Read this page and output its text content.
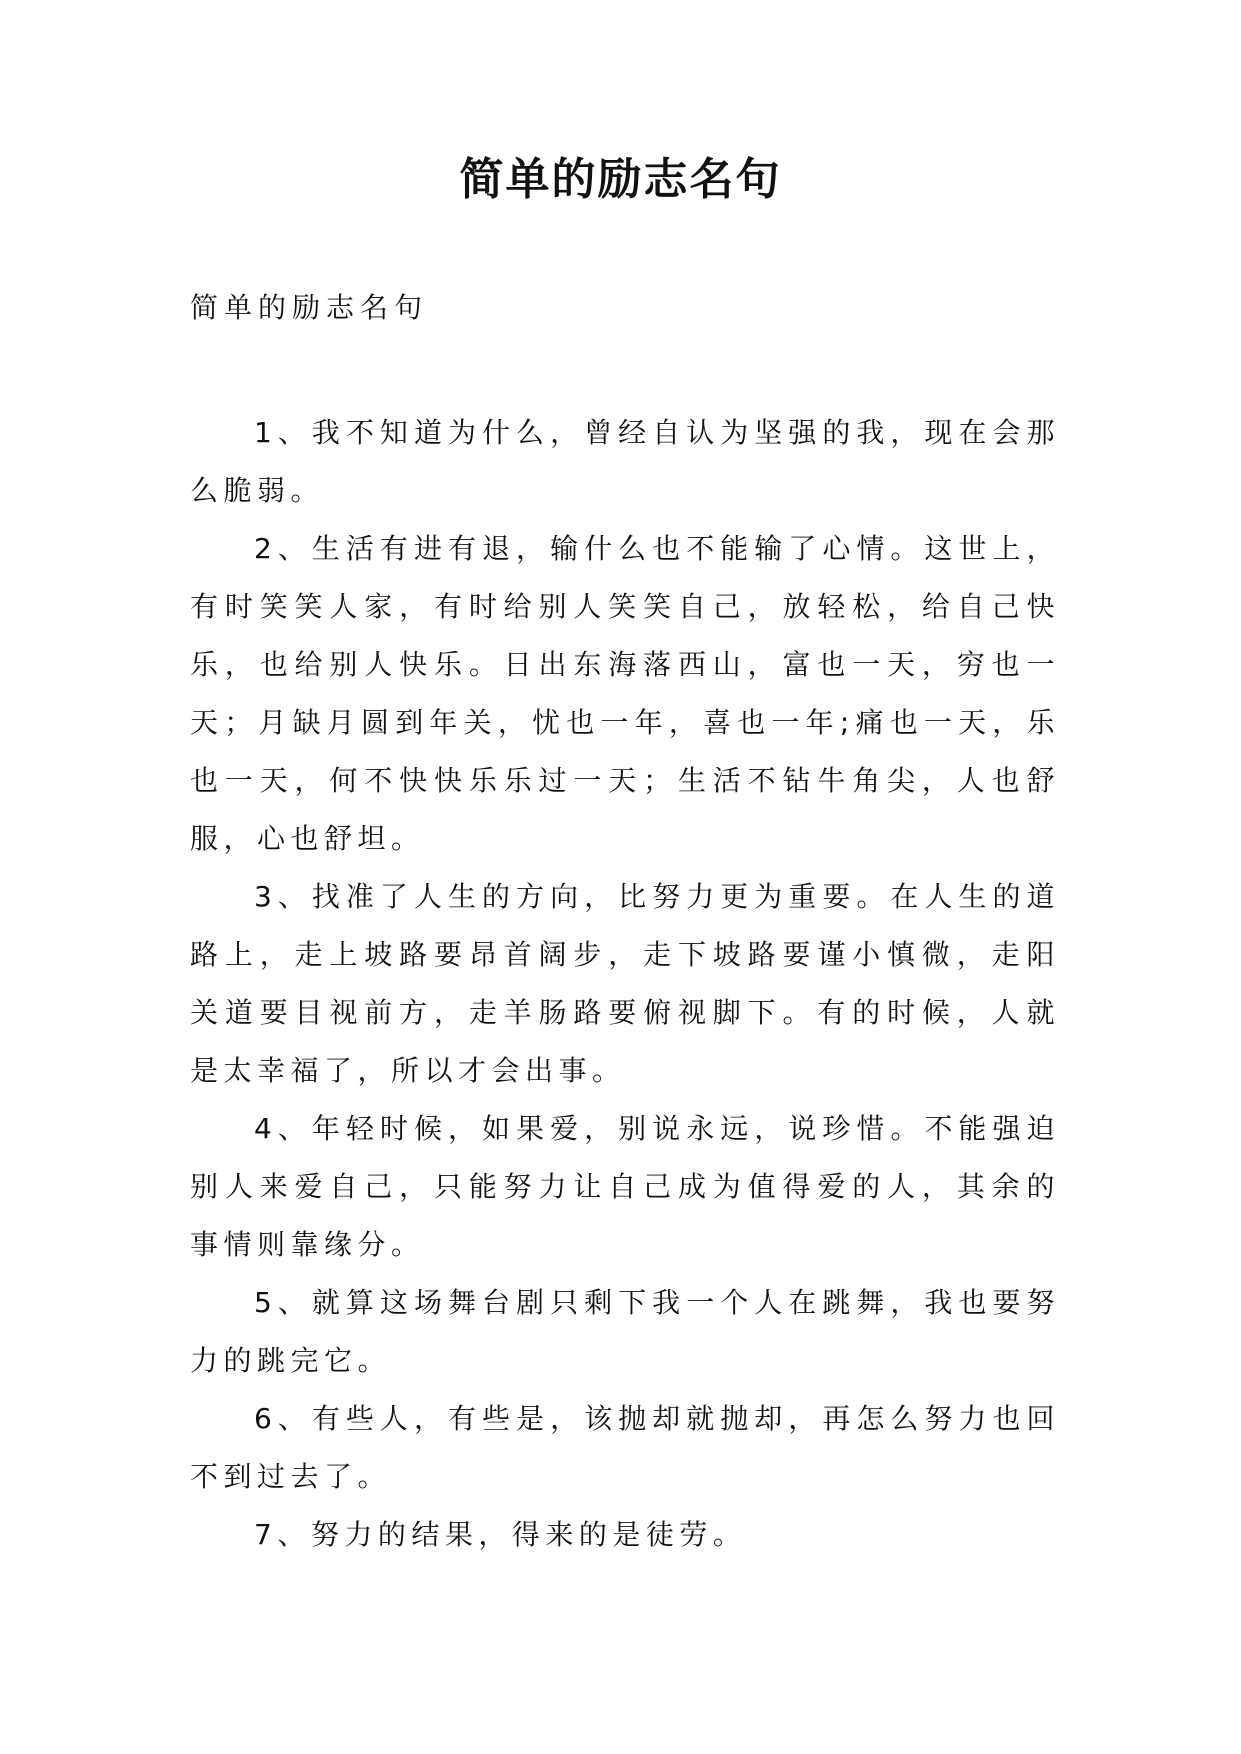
简单的励志名句

简单的励志名句

1、我不知道为什么，曾经自认为坚强的我，现在会那么脆弱。

2、生活有进有退，输什么也不能输了心情。这世上，有时笑笑人家，有时给别人笑笑自己，放轻松，给自己快乐，也给别人快乐。日出东海落西山，富也一天，穷也一天；月缺月圆到年关，忧也一年，喜也一年;痛也一天，乐也一天，何不快快乐乐过一天；生活不钻牛角尖，人也舒服，心也舒坦。

3、找准了人生的方向，比努力更为重要。在人生的道路上，走上坡路要昂首阔步，走下坡路要谨小慎微，走阳关道要目视前方，走羊肠路要俯视脚下。有的时候，人就是太幸福了，所以才会出事。

4、年轻时候，如果爱，别说永远，说珍惜。不能强迫别人来爱自己，只能努力让自己成为值得爱的人，其余的事情则靠缘分。

5、就算这场舞台剧只剩下我一个人在跳舞，我也要努力的跳完它。

6、有些人，有些是，该抛却就抛却，再怎么努力也回不到过去了。

7、努力的结果，得来的是徒劳。
